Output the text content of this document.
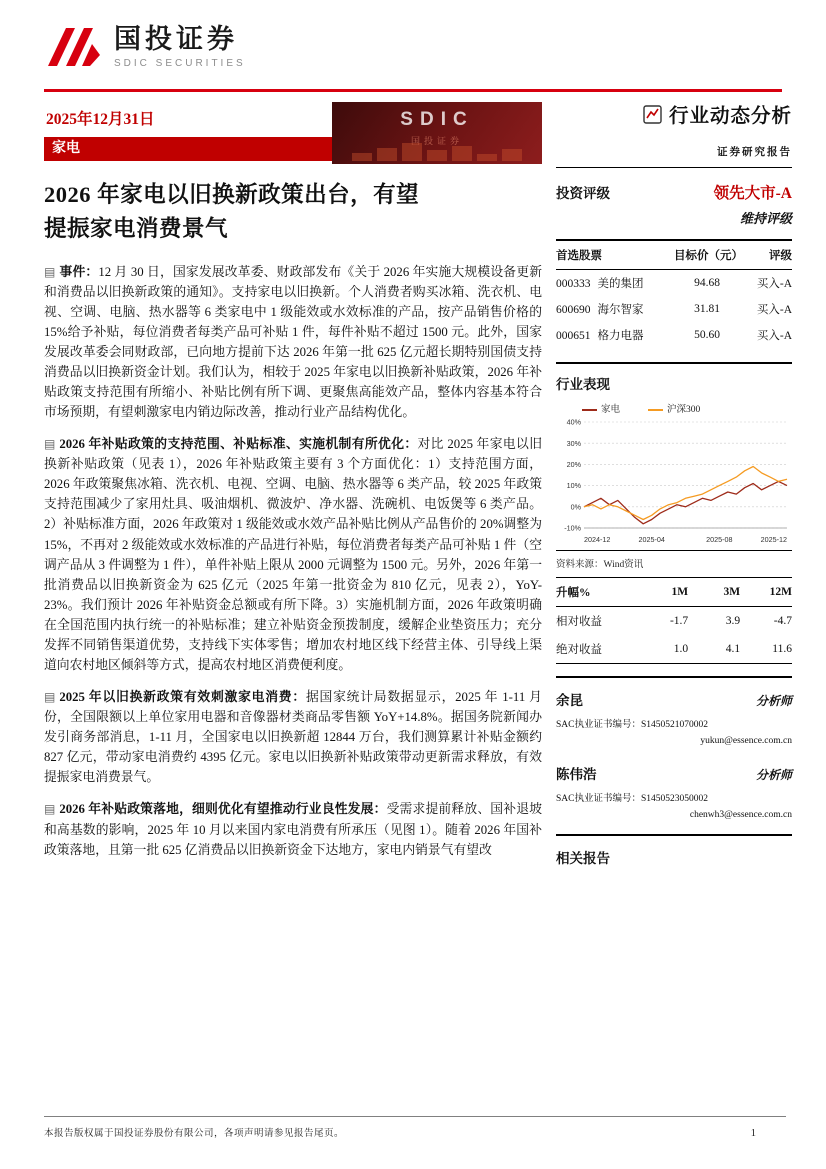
国投证券
SDIC SECURITIES
2025年12月31日
家电
SDIC
国投证券
2026 年家电以旧换新政策出台，有望
提振家电消费景气

▤ 事件：12 月 30 日，国家发展改革委、财政部发布《关于 2026 年实施大规模设备更新和消费品以旧换新政策的通知》。支持家电以旧换新。个人消费者购买冰箱、洗衣机、电视、空调、电脑、热水器等 6 类家电中 1 级能效或水效标准的产品，按产品销售价格的 15%给予补贴，每位消费者每类产品可补贴 1 件，每件补贴不超过 1500 元。此外，国家发展改革委会同财政部，已向地方提前下达 2026 年第一批 625 亿元超长期特别国债支持消费品以旧换新资金计划。我们认为，相较于 2025 年家电以旧换新补贴政策，2026 年补贴政策支持范围有所缩小、补贴比例有所下调、更聚焦高能效产品，整体内容基本符合市场预期，有望刺激家电内销边际改善，推动行业产品结构优化。

▤ 2026 年补贴政策的支持范围、补贴标准、实施机制有所优化：对比 2025 年家电以旧换新补贴政策（见表 1），2026 年补贴政策主要有 3 个方面优化：1）支持范围方面，2026 年政策聚焦冰箱、洗衣机、电视、空调、电脑、热水器等 6 类产品，较 2025 年政策支持范围减少了家用灶具、吸油烟机、微波炉、净水器、洗碗机、电饭煲等 6 类产品。2）补贴标准方面，2026 年政策对 1 级能效或水效产品补贴比例从产品售价的 20%调整为 15%，不再对 2 级能效或水效标准的产品进行补贴，每位消费者每类产品可补贴 1 件（空调产品从 3 件调整为 1 件），单件补贴上限从 2000 元调整为 1500 元。另外，2026 年第一批消费品以旧换新资金为 625 亿元（2025 年第一批资金为 810 亿元，见表 2），YoY-23%。我们预计 2026 年补贴资金总额或有所下降。3）实施机制方面，2026 年政策明确在全国范围内执行统一的补贴标准；建立补贴资金预拨制度，缓解企业垫资压力；充分发挥不同销售渠道优势，支持线下实体零售；增加农村地区线下经营主体、引导线上渠道向农村地区倾斜等方式，提高农村地区消费便利度。

▤ 2025 年以旧换新政策有效刺激家电消费：据国家统计局数据显示，2025 年 1-11 月份，全国限额以上单位家用电器和音像器材类商品零售额 YoY+14.8%。据国务院新闻办发引商务部消息，1-11 月，全国家电以旧换新超 12844 万台，我们测算累计补贴金额约 827 亿元，带动家电消费约 4395 亿元。家电以旧换新补贴政策带动更新需求释放，有效提振家电消费景气。

▤ 2026 年补贴政策落地，细则优化有望推动行业良性发展：受需求提前释放、国补退坡和高基数的影响，2025 年 10 月以来国内家电消费有所承压（见图 1）。随着 2026 年国补政策落地，且第一批 625 亿消费品以旧换新资金下达地方，家电内销景气有望改

行业动态分析
证券研究报告
投资评级	领先大市-A
维持评级
首选股票	目标价（元）	评级
000333 美的集团	94.68	买入-A
600690 海尔智家	31.81	买入-A
000651 格力电器	50.60	买入-A
行业表现
家电	沪深300
40%
30%
20%
10%
0%
-10%
2024-12	2025-04	2025-08	2025-12
资料来源：Wind资讯
升幅%	1M	3M	12M
相对收益	-1.7	3.9	-4.7
绝对收益	1.0	4.1	11.6
余昆	分析师
SAC执业证书编号：S1450521070002
yukun@essence.com.cn
陈伟浩	分析师
SAC执业证书编号：S1450523050002
chenwh3@essence.com.cn
相关报告
本报告版权属于国投证券股份有限公司，各项声明请参见报告尾页。	1
